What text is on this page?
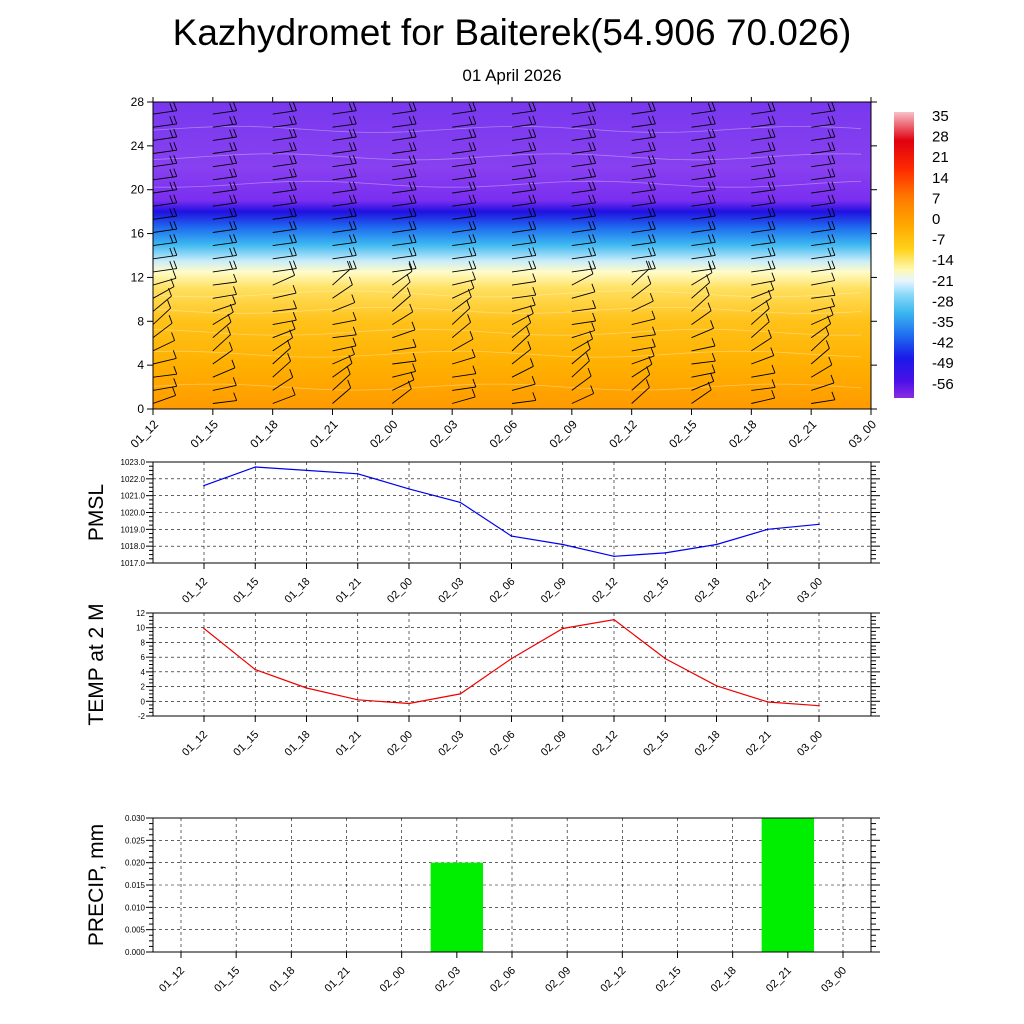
Kazhydromet for Baiterek(54.906 70.026)
01 April 2026
0
4
8
12
16
20
24
28
01_12 01_15 01_18 01_21 02_00 02_03 02_06 02_09 02_12 02_15 02_18 02_21 03_00
35
28
21
14
7
0
-7
-14
-21
-28
-35
-42
-49
-56
1017.0
1018.0
1019.0
1020.0
1021.0
1022.0
1023.0
01_12 01_15 01_18 01_21 02_00 02_03 02_06 02_09 02_12 02_15 02_18 02_21 03_00
PMSL
-2
0
2
4
6
8
10
12
01_12 01_15 01_18 01_21 02_00 02_03 02_06 02_09 02_12 02_15 02_18 02_21 03_00
TEMP at 2 M
0.000
0.005
0.010
0.015
0.020
0.025
0.030
01_12 01_15 01_18 01_21 02_00 02_03 02_06 02_09 02_12 02_15 02_18 02_21 03_00
PRECIP, mm
